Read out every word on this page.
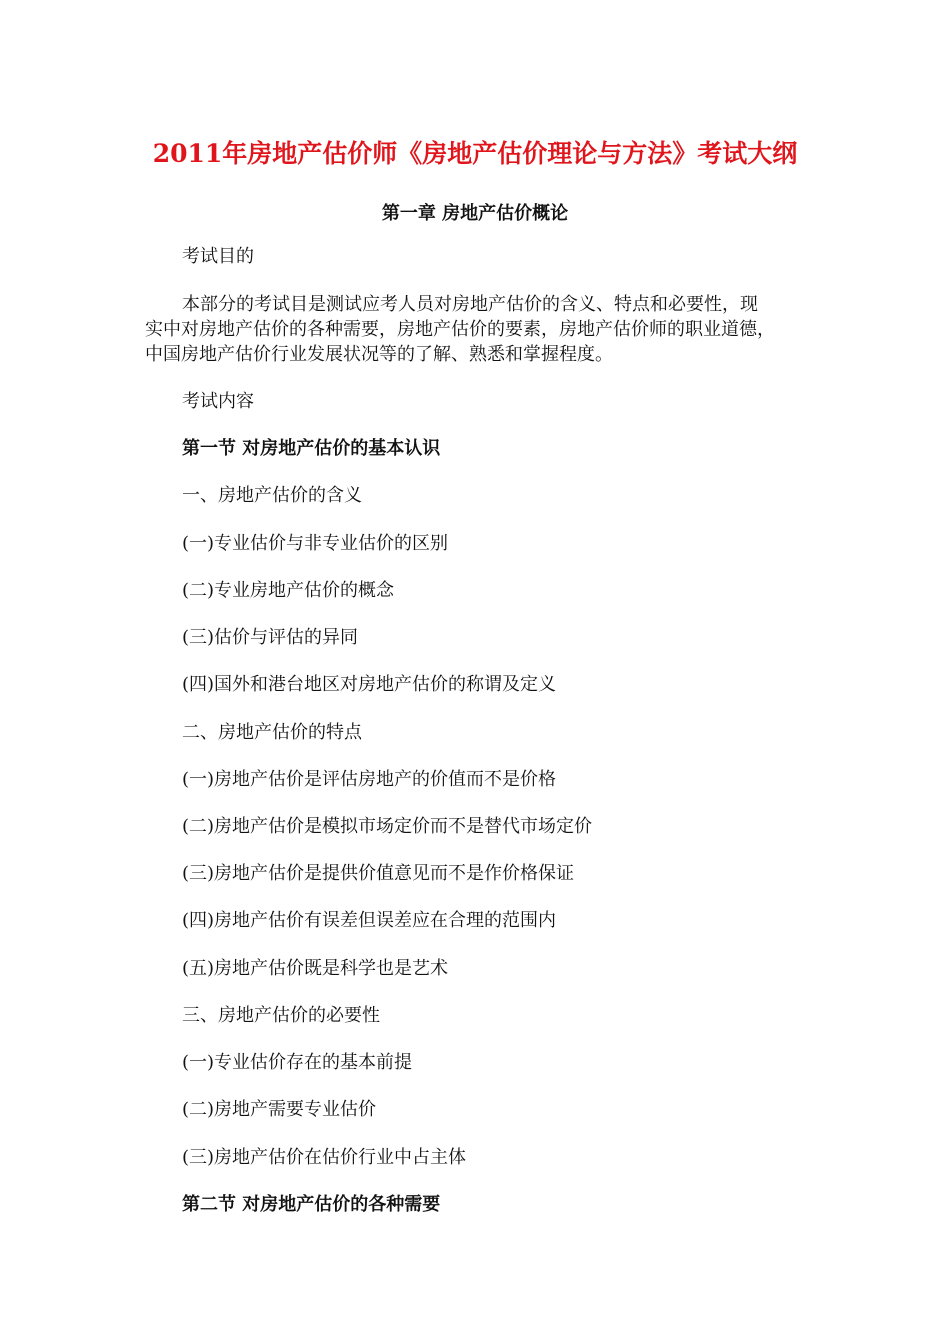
2011年房地产估价师《房地产估价理论与方法》考试大纲
第一章 房地产估价概论
考试目的
本部分的考试目是测试应考人员对房地产估价的含义、特点和必要性，现
实中对房地产估价的各种需要，房地产估价的要素，房地产估价师的职业道德，
中国房地产估价行业发展状况等的了解、熟悉和掌握程度。
考试内容
第一节 对房地产估价的基本认识
一、房地产估价的含义
(一)专业估价与非专业估价的区别
(二)专业房地产估价的概念
(三)估价与评估的异同
(四)国外和港台地区对房地产估价的称谓及定义
二、房地产估价的特点
(一)房地产估价是评估房地产的价值而不是价格
(二)房地产估价是模拟市场定价而不是替代市场定价
(三)房地产估价是提供价值意见而不是作价格保证
(四)房地产估价有误差但误差应在合理的范围内
(五)房地产估价既是科学也是艺术
三、房地产估价的必要性
(一)专业估价存在的基本前提
(二)房地产需要专业估价
(三)房地产估价在估价行业中占主体
第二节 对房地产估价的各种需要
